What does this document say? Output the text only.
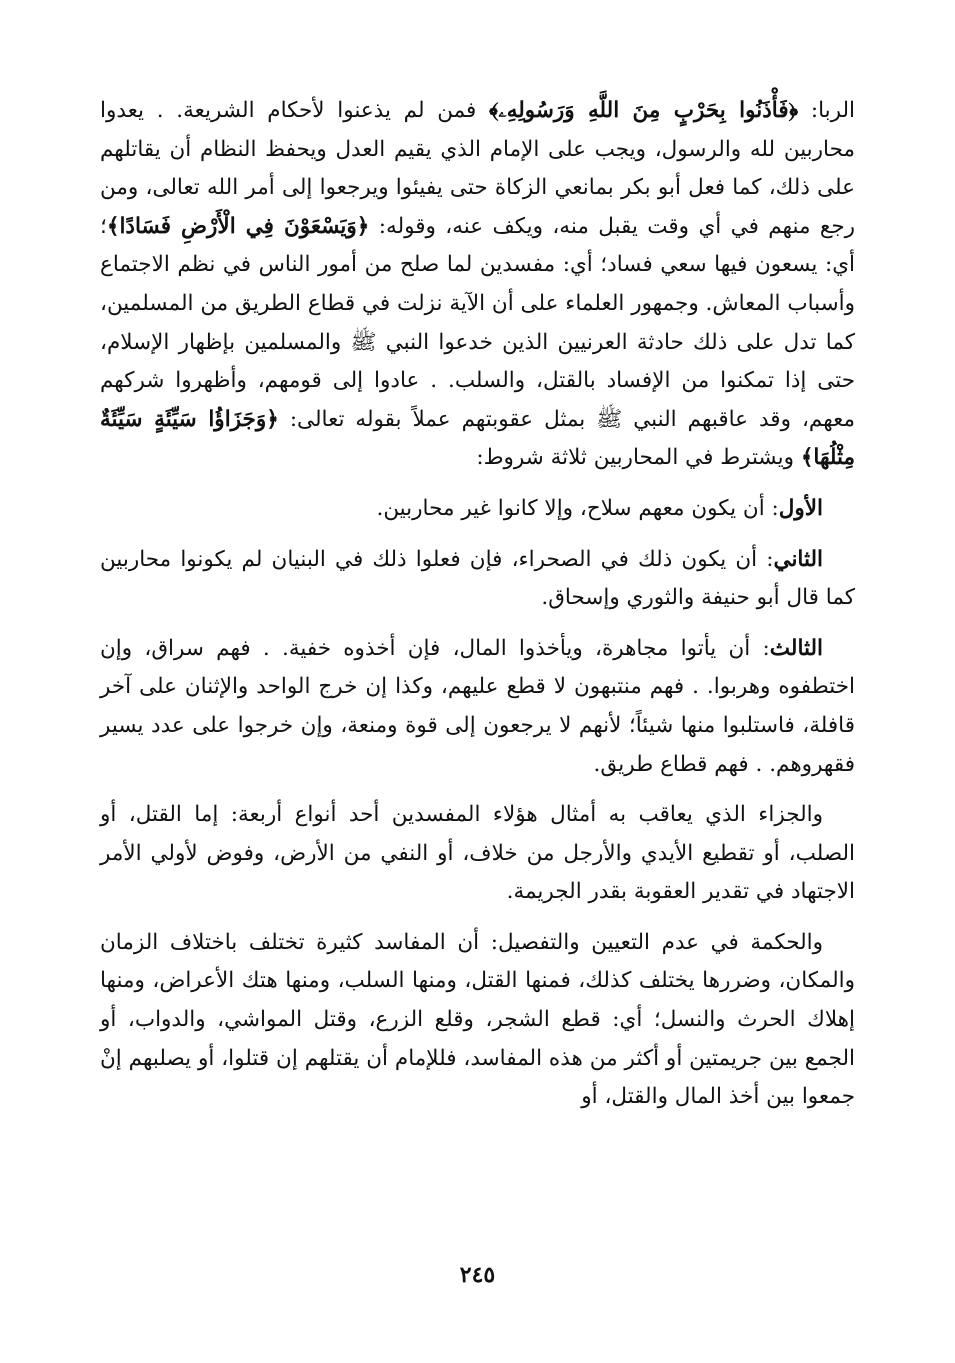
الربا: ﴿فَأْذَنُوا بِحَرْبٍ مِنَ اللَّهِ وَرَسُولِهِۦ﴾ فمن لم يذعنوا لأحكام الشريعة. . يعدوا محاربين لله والرسول، ويجب على الإمام الذي يقيم العدل ويحفظ النظام أن يقاتلهم على ذلك، كما فعل أبو بكر بمانعي الزكاة حتى يفيئوا ويرجعوا إلى أمر الله تعالى، ومن رجع منهم في أي وقت يقبل منه، ويكف عنه، وقوله: ﴿وَيَسْعَوْنَ فِي الْأَرْضِ فَسَادًا﴾؛ أي: يسعون فيها سعي فساد؛ أي: مفسدين لما صلح من أمور الناس في نظم الاجتماع وأسباب المعاش. وجمهور العلماء على أن الآية نزلت في قطاع الطريق من المسلمين، كما تدل على ذلك حادثة العرنيين الذين خدعوا النبي ﷺ والمسلمين بإظهار الإسلام، حتى إذا تمكنوا من الإفساد بالقتل، والسلب. . عادوا إلى قومهم، وأظهروا شركهم معهم، وقد عاقبهم النبي ﷺ بمثل عقوبتهم عملاً بقوله تعالى: ﴿وَجَزَاؤُا سَيِّئَةٍ سَيِّئَةٌ مِثْلُهَا﴾ ويشترط في المحاربين ثلاثة شروط:

الأول: أن يكون معهم سلاح، وإلا كانوا غير محاربين.

الثاني: أن يكون ذلك في الصحراء، فإن فعلوا ذلك في البنيان لم يكونوا محاربين كما قال أبو حنيفة والثوري وإسحاق.

الثالث: أن يأتوا مجاهرة، ويأخذوا المال، فإن أخذوه خفية. . فهم سراق، وإن اختطفوه وهربوا. . فهم منتبهون لا قطع عليهم، وكذا إن خرج الواحد والإثنان على آخر قافلة، فاستلبوا منها شيئاً؛ لأنهم لا يرجعون إلى قوة ومنعة، وإن خرجوا على عدد يسير فقهروهم. . فهم قطاع طريق.

والجزاء الذي يعاقب به أمثال هؤلاء المفسدين أحد أنواع أربعة: إما القتل، أو الصلب، أو تقطيع الأيدي والأرجل من خلاف، أو النفي من الأرض، وفوض لأولي الأمر الاجتهاد في تقدير العقوبة بقدر الجريمة.

والحكمة في عدم التعيين والتفصيل: أن المفاسد كثيرة تختلف باختلاف الزمان والمكان، وضررها يختلف كذلك، فمنها القتل، ومنها السلب، ومنها هتك الأعراض، ومنها إهلاك الحرث والنسل؛ أي: قطع الشجر، وقلع الزرع، وقتل المواشي، والدواب، أو الجمع بين جريمتين أو أكثر من هذه المفاسد، فللإمام أن يقتلهم إن قتلوا، أو يصلبهم إنْ جمعوا بين أخذ المال والقتل، أو

٢٤٥
